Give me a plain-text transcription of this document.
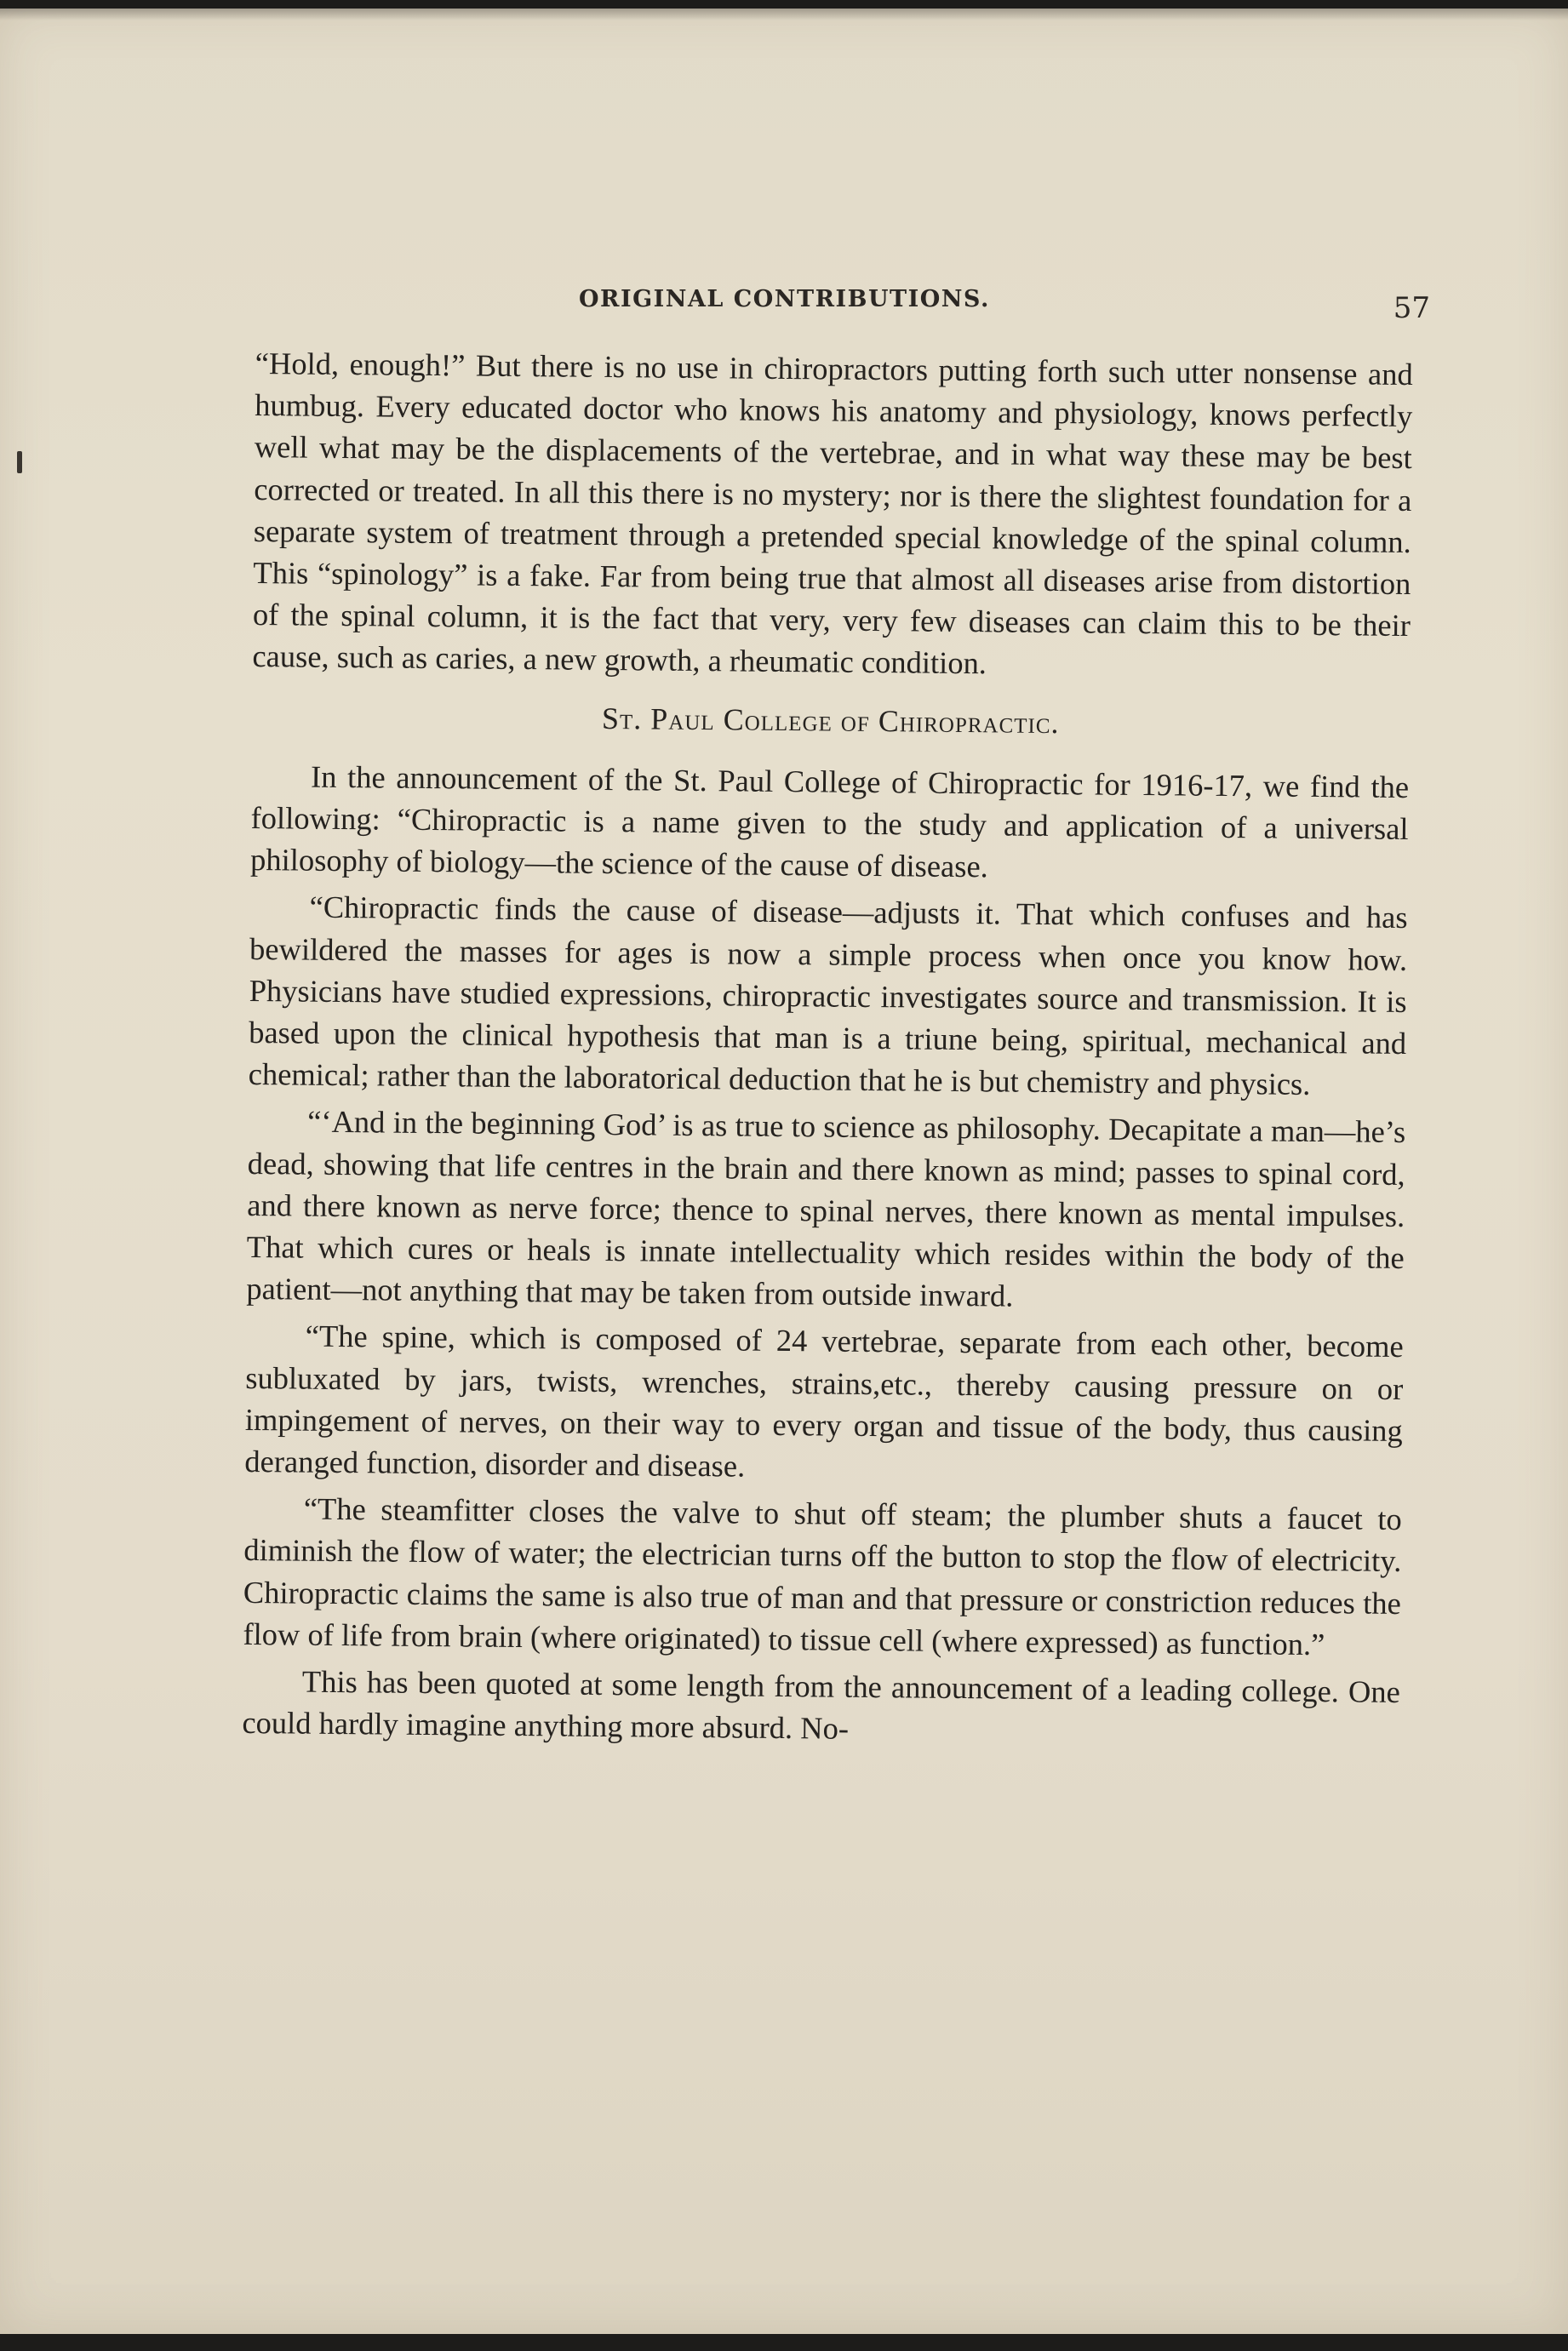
ORIGINAL CONTRIBUTIONS.	57

“Hold, enough!” But there is no use in chiropractors putting forth such utter nonsense and humbug. Every educated doctor who knows his anatomy and physiology, knows perfectly well what may be the displacements of the vertebrae, and in what way these may be best corrected or treated. In all this there is no mystery; nor is there the slightest foundation for a separate system of treatment through a pretended special knowledge of the spinal column. This “spinology” is a fake. Far from being true that almost all diseases arise from distortion of the spinal column, it is the fact that very, very few diseases can claim this to be their cause, such as caries, a new growth, a rheumatic condition.

St. Paul College of Chiropractic.

In the announcement of the St. Paul College of Chiropractic for 1916-17, we find the following: “Chiropractic is a name given to the study and application of a universal philosophy of biology—the science of the cause of disease.

“Chiropractic finds the cause of disease—adjusts it. That which confuses and has bewildered the masses for ages is now a simple process when once you know how. Physicians have studied expressions, chiropractic investigates source and transmission. It is based upon the clinical hypothesis that man is a triune being, spiritual, mechanical and chemical; rather than the laboratorical deduction that he is but chemistry and physics.

“‘And in the beginning God’ is as true to science as philosophy. Decapitate a man—he’s dead, showing that life centres in the brain and there known as mind; passes to spinal cord, and there known as nerve force; thence to spinal nerves, there known as mental impulses. That which cures or heals is innate intellectuality which resides within the body of the patient—not anything that may be taken from outside inward.

“The spine, which is composed of 24 vertebrae, separate from each other, become subluxated by jars, twists, wrenches, strains,etc., thereby causing pressure on or impingement of nerves, on their way to every organ and tissue of the body, thus causing deranged function, disorder and disease.

“The steamfitter closes the valve to shut off steam; the plumber shuts a faucet to diminish the flow of water; the electrician turns off the button to stop the flow of electricity. Chiropractic claims the same is also true of man and that pressure or constriction reduces the flow of life from brain (where originated) to tissue cell (where expressed) as function.”

This has been quoted at some length from the announcement of a leading college. One could hardly imagine anything more absurd. No-
